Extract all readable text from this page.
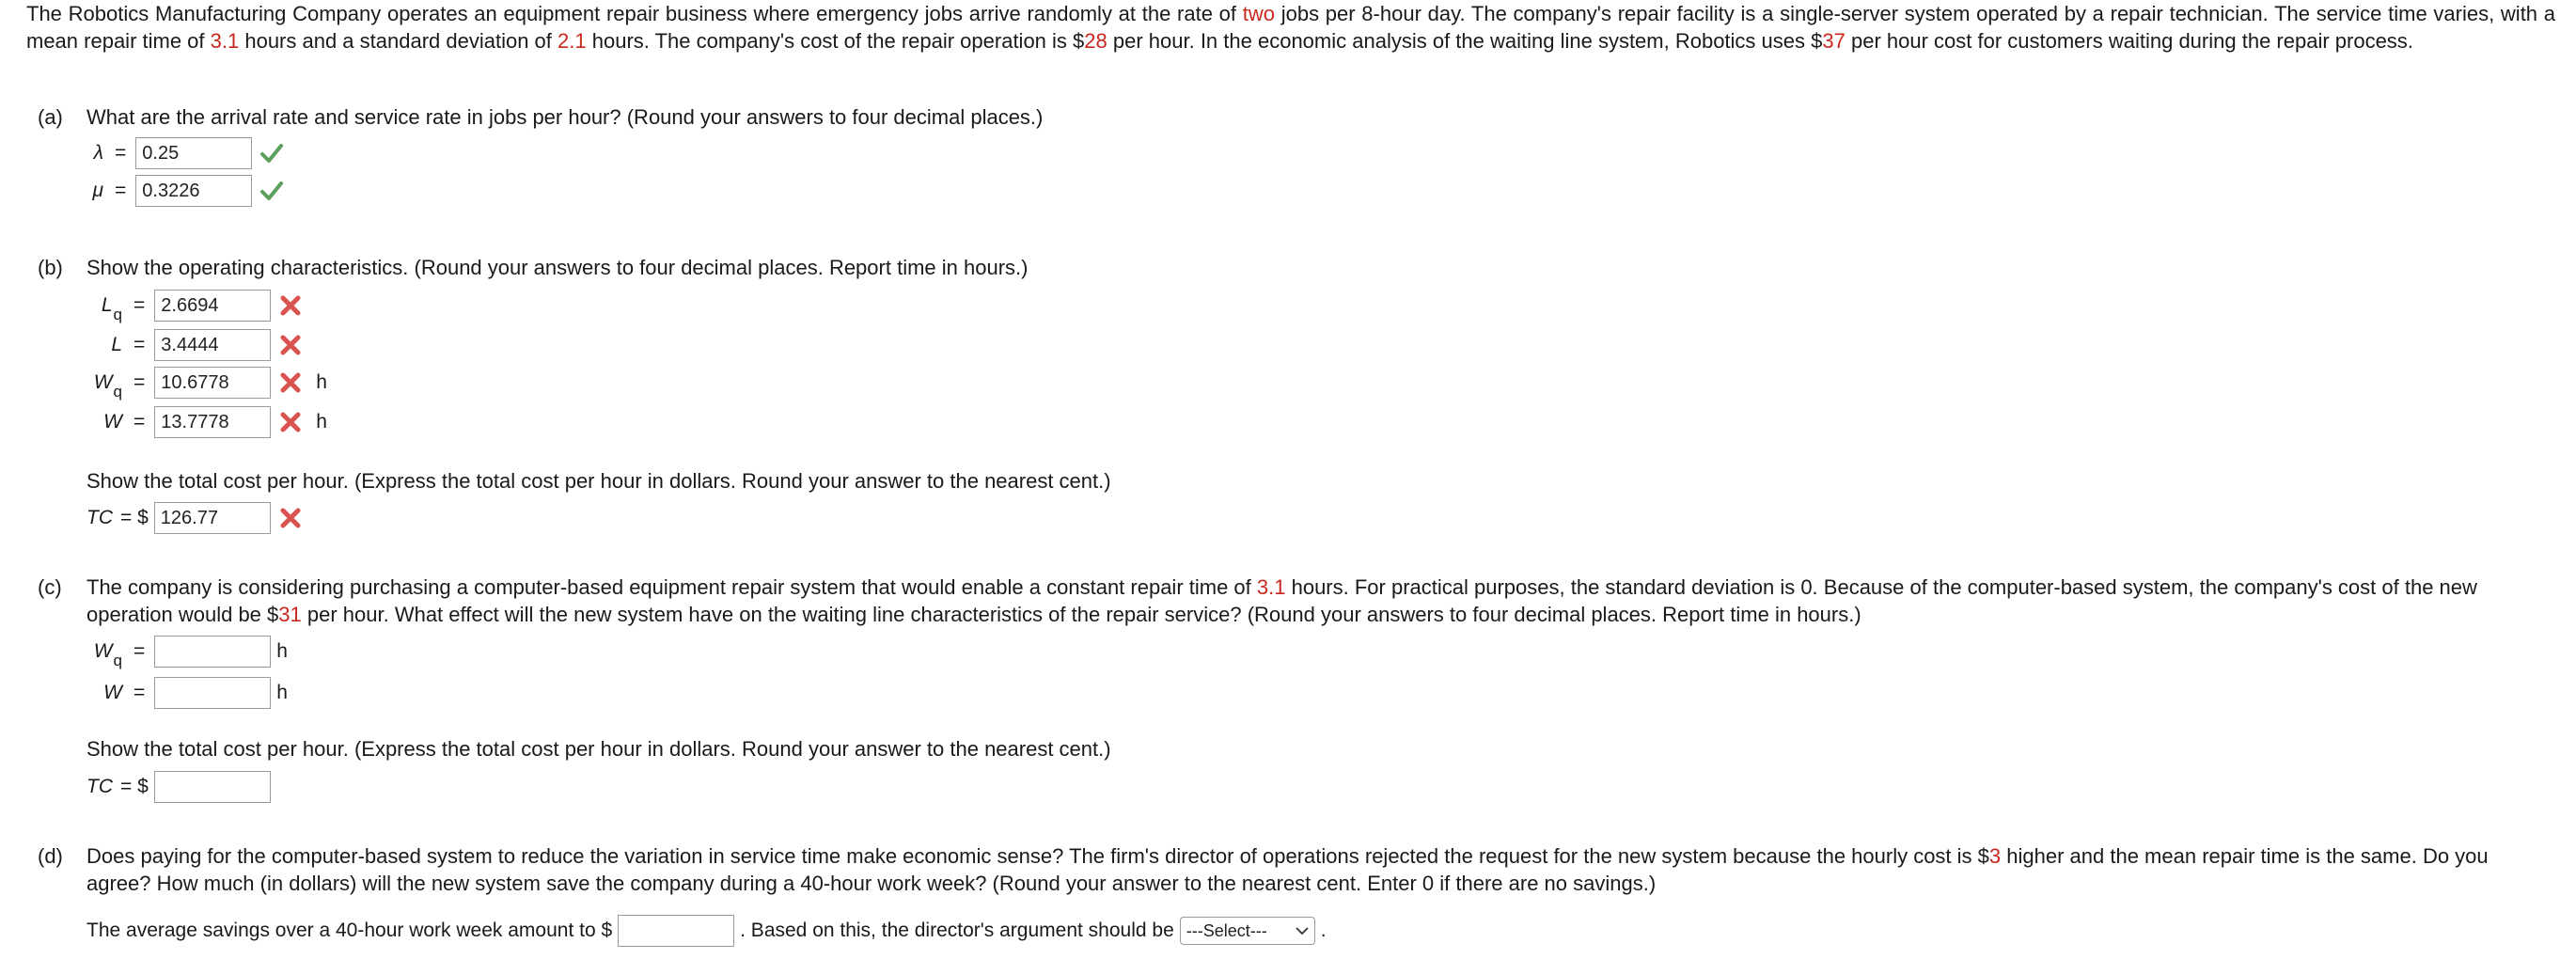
The Robotics Manufacturing Company operates an equipment repair business where emergency jobs arrive randomly at the rate of two jobs per 8-hour day. The company's repair facility is a single-server system operated by a repair technician. The service time varies, with a mean repair time of 3.1 hours and a standard deviation of 2.1 hours. The company's cost of the repair operation is $28 per hour. In the economic analysis of the waiting line system, Robotics uses $37 per hour cost for customers waiting during the repair process.

(a) What are the arrival rate and service rate in jobs per hour? (Round your answers to four decimal places.)
λ = 0.25
μ = 0.3226
(b) Show the operating characteristics. (Round your answers to four decimal places. Report time in hours.)
$L_q = 2.6694$
L = 3.4444
$W_q = 10.6778$	h
W = 13.7778	h
Show the total cost per hour. (Express the total cost per hour in dollars. Round your answer to the nearest cent.)
TC = $ 126.77
(c) The company is considering purchasing a computer-based equipment repair system that would enable a constant repair time of 3.1 hours. For practical purposes, the standard deviation is 0. Because of the computer-based system, the company's cost of the new operation would be $31 per hour. What effect will the new system have on the waiting line characteristics of the repair service? (Round your answers to four decimal places. Report time in hours.)

$W_q$ =	h
W =	h
Show the total cost per hour. (Express the total cost per hour in dollars. Round your answer to the nearest cent.)
TC = $
(d) Does paying for the computer-based system to reduce the variation in service time make economic sense? The firm's director of operations rejected the request for the new system because the hourly cost is $3 higher and the mean repair time is the same. Do you agree? How much (in dollars) will the new system save the company during a 40-hour work week? (Round your answer to the nearest cent. Enter 0 if there are no savings.)

The average savings over a 40-hour work week amount to $	. Based on this, the director's argument should be ---Select---	.
